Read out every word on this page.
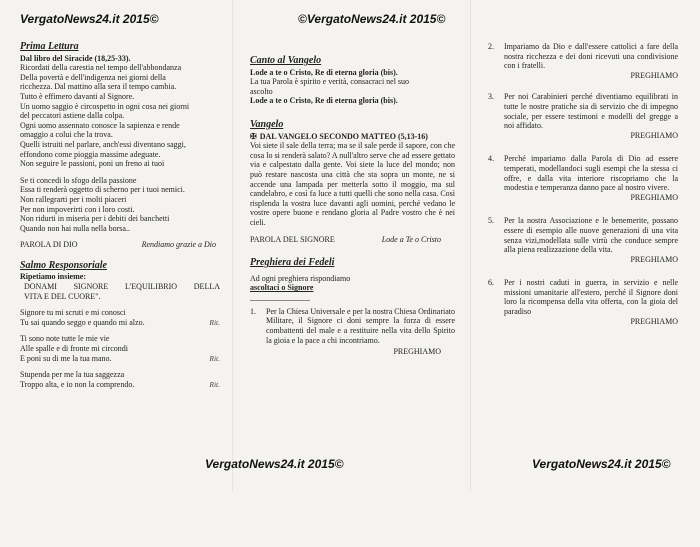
VergatoNews24.it 2015©	©VergatoNews24.it 2015©
VergatoNews24.it 2015©	VergatoNews24.it 2015©
Prima Lettura

Dal libro del Siracide (18,25-33).

Ricordati della carestia nel tempo dell'abbondanza

Della povertà e dell'indigenza nei giorni della

ricchezza. Dal mattino alla sera il tempo cambia.

Tutto è effimero davanti al Signore.

Un uomo saggio è circospetto in ogni cosa nei giorni

del peccatori astiene dalla colpa.

Ogni uomo assennato conosce la sapienza e rende

omaggio a colui che la trova.

Quelli istruiti nel parlare, anch'essi diventano saggi,

effondono come pioggia massime adeguate.

Non seguire le passioni, poni un freno ai tuoi

Se ti concedi lo sfogo della passione

Essa ti renderà oggetto di scherno per i tuoi nemici.

Non rallegrarti per i molti piaceri

Per non impoverirti con i loro costi.

Non ridurti in miseria per i debiti dei banchetti

Quando non hai nulla nella borsa..

PAROLA DI DIO	Rendiamo grazie a Dio
Salmo Responsoriale

Ripetiamo insieme:

DONAMI SIGNORE L'EQUILIBRIO DELLA

VITA E DEL CUORE".

Signore tu mi scruti e mi conosci
Tu sai quando seggo e quando mi alzo.	Rit.
Ti sono note tutte le mie vie
Alle spalle e di fronte mi circondi
E poni su di me la tua mano.	Rit.
Stupenda per me la tua saggezza
Troppo alta, e io non la comprendo.	Rit.
Canto al Vangelo

Lode a te o Cristo, Re di eterna gloria (bis).

La tua Parola è spirito e verità, consacraci nel suo

ascolto

Lode a te o Cristo, Re di eterna gloria (bis).

Vangelo

✠ DAL VANGELO SECONDO MATTEO (5,13-16)

Voi siete il sale della terra; ma se il sale perde il sapore, con che cosa lo si renderà salato? A null'altro serve che ad essere gettato via e calpestato dalla gente. Voi siete la luce del mondo; non può restare nascosta una città che sta sopra un monte, ne si accende una lampada per metterla sotto il moggio, ma sul candelabro, e così fa luce a tutti quelli che sono nella casa. Così risplenda la vostra luce davanti agli uomini, perché vedano le vostre opere buone e rendano gloria al Padre vostro che è nei cieli.

PAROLA DEL SIGNORE	Lode a Te o Cristo
Preghiera dei Fedeli

Ad ogni preghiera rispondiamo

ascoltaci o Signore

1.	Per la Chiesa Universale e per la nostra Chiesa Ordinariato Militare, il Signore ci doni sempre la forza di essere combattenti del male e a restituire nella vita dello Spirito la gioia e la pace a chi incontriamo.

PREGHIAMO

2.	Impariamo da Dio e dall'essere cattolici a fare della nostra ricchezza e dei doni ricevuti una condivisione con i fratelli.

PREGHIAMO

3.	Per noi Carabinieri perché diventiamo equilibrati in tutte le nostre pratiche sia di servizio che di impegno sociale, per essere testimoni e modelli del gregge a noi affidato.

PREGHIAMO

4.	Perché impariamo dalla Parola di Dio ad essere temperati, modellandoci sugli esempi che la stessa ci offre, e dalla vita interiore riscopriamo che la modestia e temperanza danno pace al nostro vivere.

PREGHIAMO

5.	Per la nostra Associazione e le benemerite, possano essere di esempio alle nuove generazioni di una vita senza vizi,modellata sulle virtù che conduce sempre alla piena realizzazione della vita.

PREGHIAMO

6.	Per i nostri caduti in guerra, in servizio e nelle missioni umanitarie all'estero, perché il Signore doni loro la ricompensa della vita offerta, con la gioia del paradiso

PREGHIAMO
